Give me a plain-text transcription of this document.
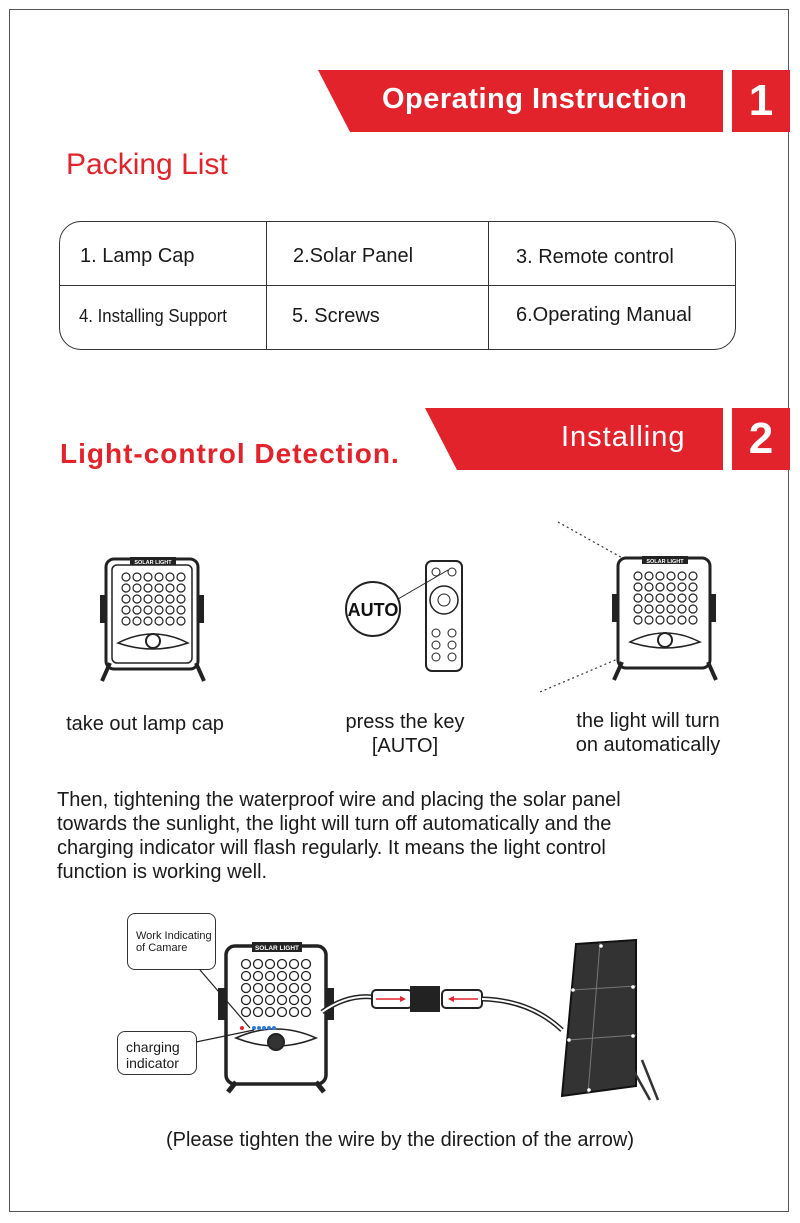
Operating Instruction	1
Packing List
1. Lamp Cap	2.Solar Panel	3. Remote control
4. Installing Support	5. Screws	6.Operating Manual
Installing	2
Light-control Detection.
SOLAR LIGHT
AUTO
SOLAR LIGHT
take out lamp cap	press the key
[AUTO]
the light will turn
on automatically
Then, tightening the waterproof wire and placing the solar panel
towards the sunlight, the light will turn off automatically and the
charging indicator will flash regularly. It means the light control
function is working well.
SOLAR LIGHT
Work Indicating
of Camare
charging
indicator
(Please tighten the wire by the direction of the arrow)
